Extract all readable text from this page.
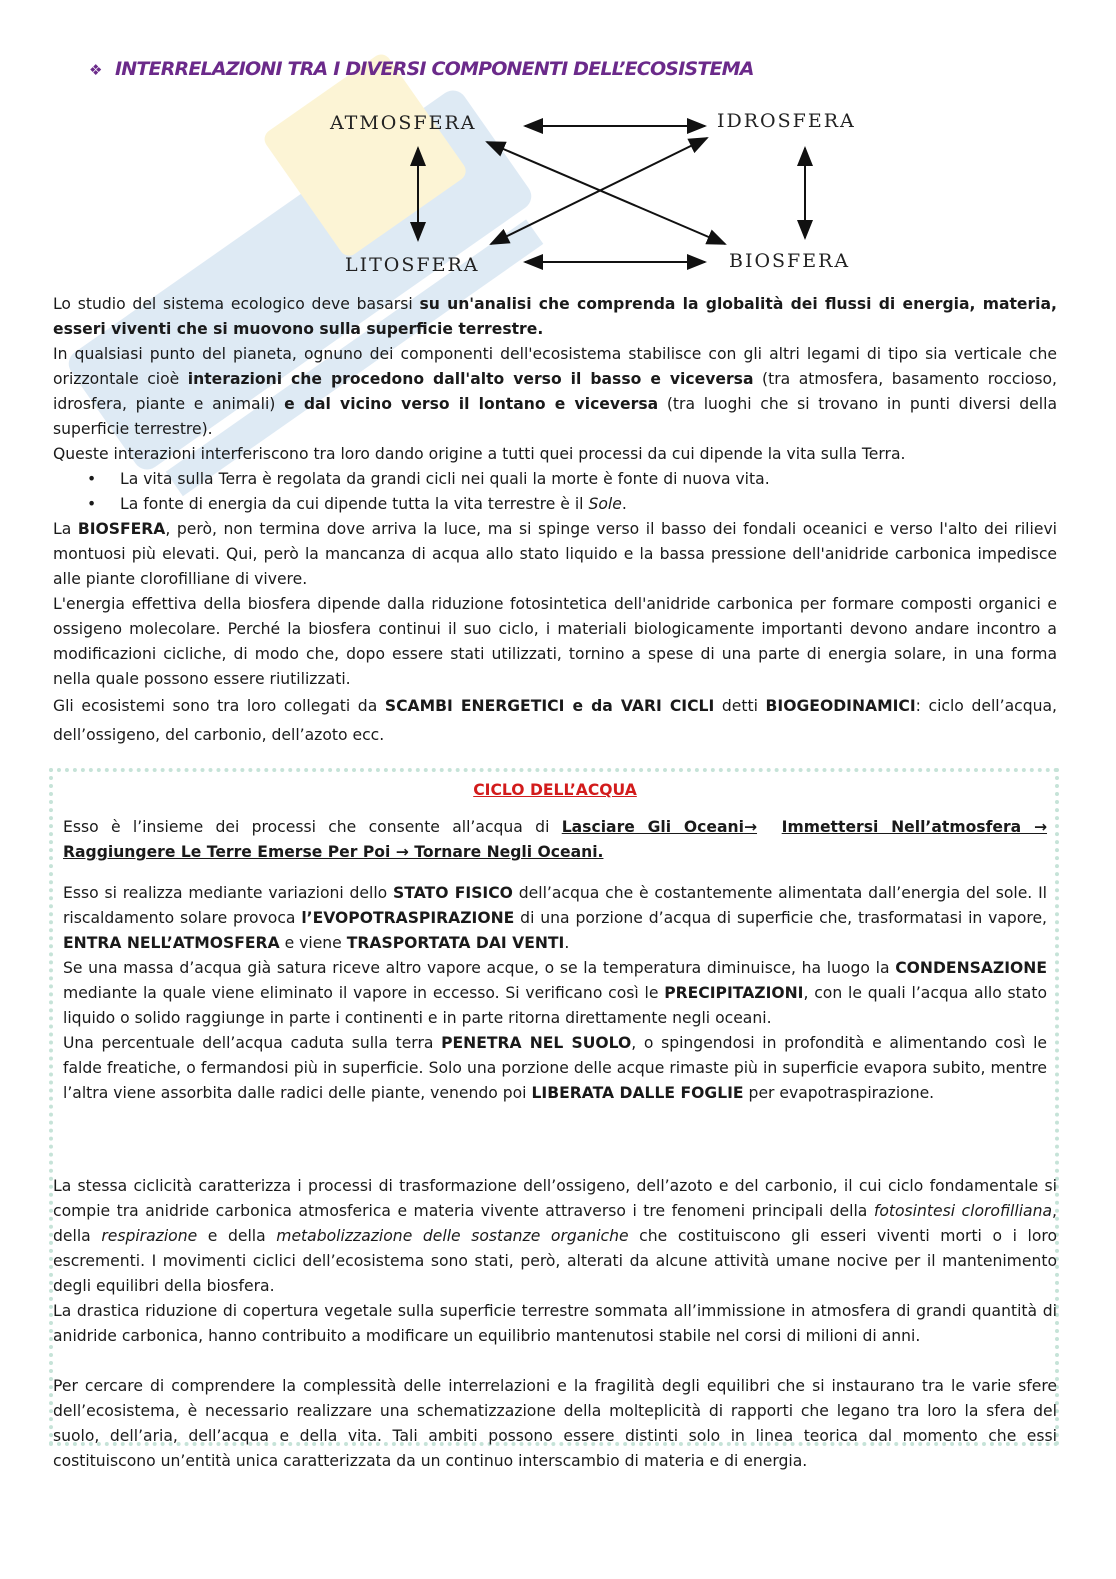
❖ INTERRELAZIONI TRA I DIVERSI COMPONENTI DELL’ECOSISTEMA
ATMOSFERA	IDROSFERA
LITOSFERA	BIOSFERA

Lo studio del sistema ecologico deve basarsi su un'analisi che comprenda la globalità dei flussi di energia, materia, esseri viventi che si muovono sulla superficie terrestre.

In qualsiasi punto del pianeta, ognuno dei componenti dell'ecosistema stabilisce con gli altri legami di tipo sia verticale che orizzontale cioè interazioni che procedono dall'alto verso il basso e viceversa (tra atmosfera, basamento roccioso, idrosfera, piante e animali) e dal vicino verso il lontano e viceversa (tra luoghi che si trovano in punti diversi della superficie terrestre).

Queste interazioni interferiscono tra loro dando origine a tutti quei processi da cui dipende la vita sulla Terra.

• La vita sulla Terra è regolata da grandi cicli nei quali la morte è fonte di nuova vita.
• La fonte di energia da cui dipende tutta la vita terrestre è il Sole.

La BIOSFERA, però, non termina dove arriva la luce, ma si spinge verso il basso dei fondali oceanici e verso l'alto dei rilievi montuosi più elevati. Qui, però la mancanza di acqua allo stato liquido e la bassa pressione dell'anidride carbonica impedisce alle piante clorofilliane di vivere.

L'energia effettiva della biosfera dipende dalla riduzione fotosintetica dell'anidride carbonica per formare composti organici e ossigeno molecolare. Perché la biosfera continui il suo ciclo, i materiali biologicamente importanti devono andare incontro a modificazioni cicliche, di modo che, dopo essere stati utilizzati, tornino a spese di una parte di energia solare, in una forma nella quale possono essere riutilizzati.

Gli ecosistemi sono tra loro collegati da SCAMBI ENERGETICI e da VARI CICLI detti BIOGEODINAMICI: ciclo dell’acqua, dell’ossigeno, del carbonio, dell’azoto ecc.

CICLO DELL’ACQUA

Esso è l’insieme dei processi che consente all’acqua di Lasciare Gli Oceani→ Immettersi Nell’atmosfera → Raggiungere Le Terre Emerse Per Poi → Tornare Negli Oceani.

Esso si realizza mediante variazioni dello STATO FISICO dell’acqua che è costantemente alimentata dall’energia del sole. Il riscaldamento solare provoca l’EVOPOTRASPIRAZIONE di una porzione d’acqua di superficie che, trasformatasi in vapore, ENTRA NELL’ATMOSFERA e viene TRASPORTATA DAI VENTI.

Se una massa d’acqua già satura riceve altro vapore acque, o se la temperatura diminuisce, ha luogo la CONDENSAZIONE mediante la quale viene eliminato il vapore in eccesso. Si verificano così le PRECIPITAZIONI, con le quali l’acqua allo stato liquido o solido raggiunge in parte i continenti e in parte ritorna direttamente negli oceani.

Una percentuale dell’acqua caduta sulla terra PENETRA NEL SUOLO, o spingendosi in profondità e alimentando così le falde freatiche, o fermandosi più in superficie. Solo una porzione delle acque rimaste più in superficie evapora subito, mentre l’altra viene assorbita dalle radici delle piante, venendo poi LIBERATA DALLE FOGLIE per evapotraspirazione.

La stessa ciclicità caratterizza i processi di trasformazione dell’ossigeno, dell’azoto e del carbonio, il cui ciclo fondamentale si compie tra anidride carbonica atmosferica e materia vivente attraverso i tre fenomeni principali della fotosintesi clorofilliana, della respirazione e della metabolizzazione delle sostanze organiche che costituiscono gli esseri viventi morti o i loro escrementi. I movimenti ciclici dell’ecosistema sono stati, però, alterati da alcune attività umane nocive per il mantenimento degli equilibri della biosfera.

La drastica riduzione di copertura vegetale sulla superficie terrestre sommata all’immissione in atmosfera di grandi quantità di anidride carbonica, hanno contribuito a modificare un equilibrio mantenutosi stabile nel corsi di milioni di anni.

Per cercare di comprendere la complessità delle interrelazioni e la fragilità degli equilibri che si instaurano tra le varie sfere dell’ecosistema, è necessario realizzare una schematizzazione della molteplicità di rapporti che legano tra loro la sfera del suolo, dell’aria, dell’acqua e della vita. Tali ambiti possono essere distinti solo in linea teorica dal momento che essi costituiscono un’entità unica caratterizzata da un continuo interscambio di materia e di energia.
